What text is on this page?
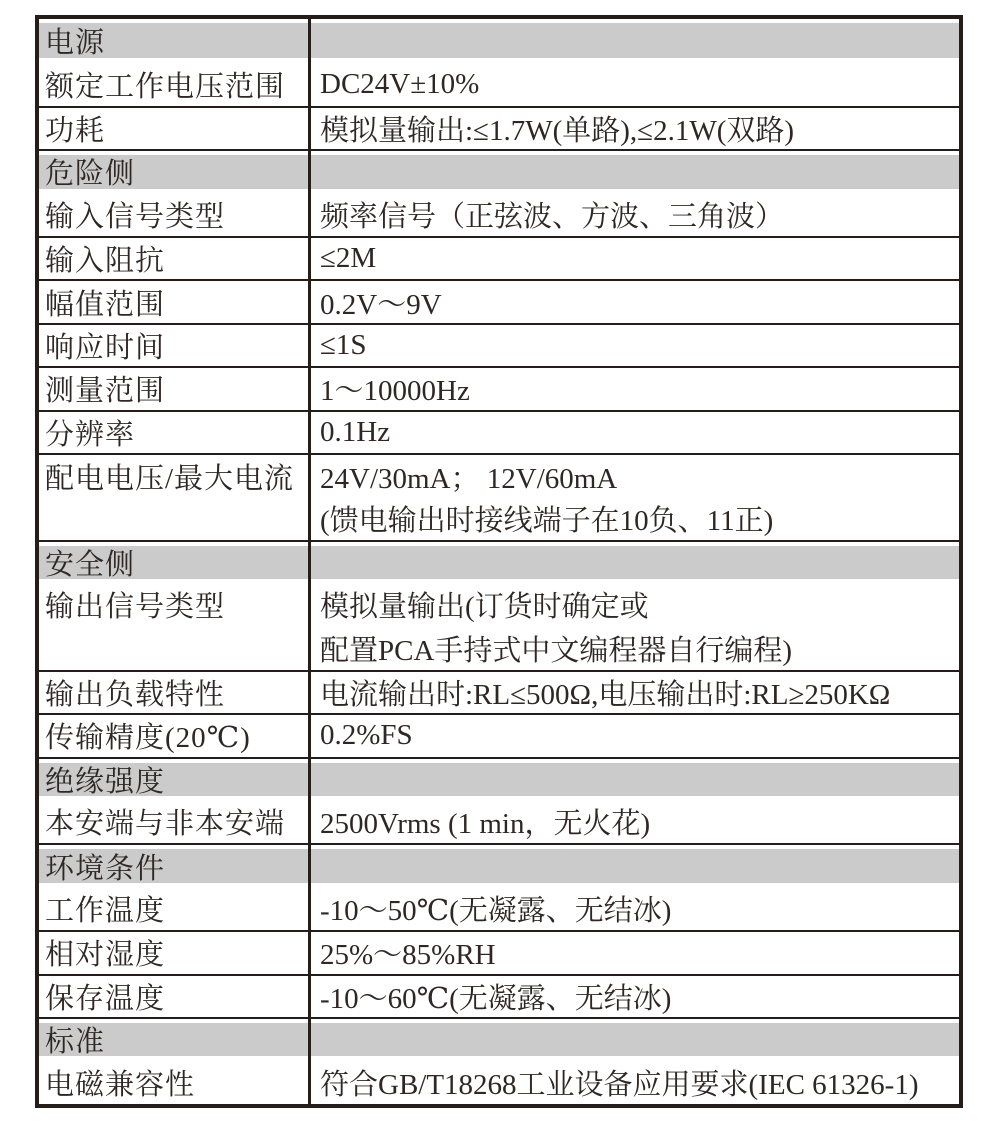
电源
额定工作电压范围	DC24V±10%
功耗	模拟量输出:≤1.7W(单路),≤2.1W(双路)
危险侧
输入信号类型	频率信号（正弦波、方波、三角波）
输入阻抗	≤2M
幅值范围	0.2V～9V
响应时间	≤1S
测量范围	1～10000Hz
分辨率	0.1Hz
配电电压/最大电流 24V/30mA； 12V/60mA
(馈电输出时接线端子在10负、11正)
安全侧
输出信号类型	模拟量输出(订货时确定或
配置PCA手持式中文编程器自行编程)
输出负载特性	电流输出时:RL≤500Ω,电压输出时:RL≥250KΩ
传输精度(20℃)	0.2%FS
绝缘强度
本安端与非本安端	2500Vrms (1 min，无火花)
环境条件
工作温度	-10～50℃(无凝露、无结冰)
相对湿度	25%～85%RH
保存温度	-10～60℃(无凝露、无结冰)
标准
电磁兼容性	符合GB/T18268工业设备应用要求(IEC 61326-1)
